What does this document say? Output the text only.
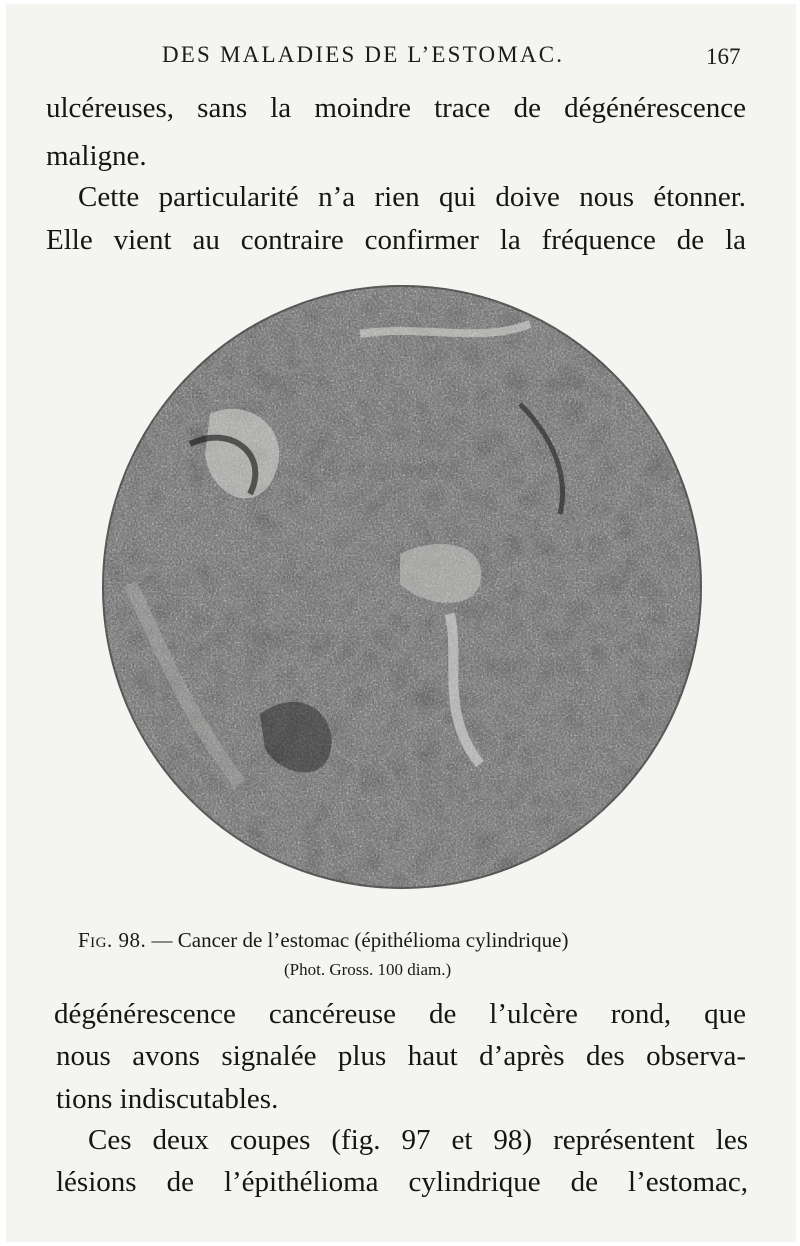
DES MALADIES DE L’ESTOMAC.	167
ulcéreuses, sans la moindre trace de dégénérescence
maligne.
Cette particularité n’a rien qui doive nous étonner.
Elle vient au contraire confirmer la fréquence de la
Fig. 98. — Cancer de l’estomac (épithélioma cylindrique)
(Phot. Gross. 100 diam.)
dégénérescence cancéreuse de l’ulcère rond, que
nous avons signalée plus haut d’après des observa-
tions indiscutables.
Ces deux coupes (fig. 97 et 98) représentent les
lésions de l’épithélioma cylindrique de l’estomac,
